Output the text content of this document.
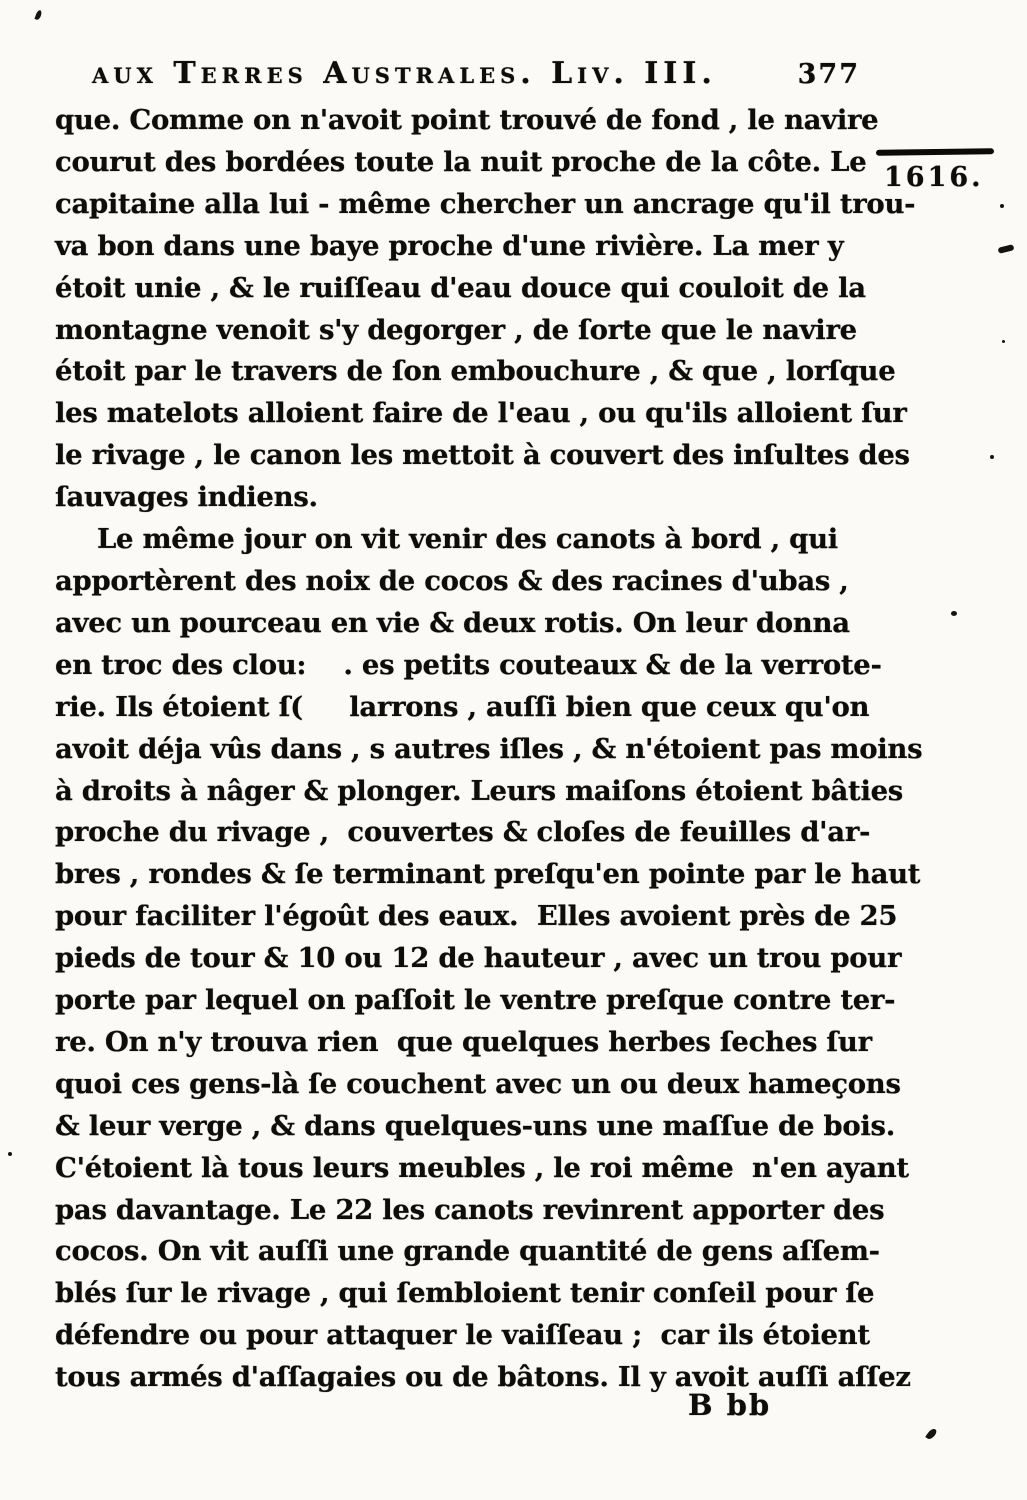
aux Terres Australes. Liv. III.	377
1616.
que. Comme on n'avoit point trouvé de fond , le navire
courut des bordées toute la nuit proche de la côte. Le
capitaine alla lui - même chercher un ancrage qu'il trou-
va bon dans une baye proche d'une rivière. La mer y
étoit unie , & le ruiſſeau d'eau douce qui couloit de la
montagne venoit s'y degorger , de ſorte que le navire
étoit par le travers de ſon embouchure , & que , lorſque
les matelots alloient faire de l'eau , ou qu'ils alloient ſur
le rivage , le canon les mettoit à couvert des inſultes des
ſauvages indiens.
Le même jour on vit venir des canots à bord , qui
apportèrent des noix de cocos & des racines d'ubas ,
avec un pourceau en vie & deux rotis. On leur donna
en troc des clou:    . es petits couteaux & de la verrote-
rie. Ils étoient ſ(     larrons , auſſi bien que ceux qu'on
avoit déja vûs dans , s autres iſles , & n'étoient pas moins
à droits à nâger & plonger. Leurs maiſons étoient bâties
proche du rivage ,  couvertes & cloſes de feuilles d'ar-
bres , rondes & ſe terminant preſqu'en pointe par le haut
pour faciliter l'égoût des eaux.  Elles avoient près de 25
pieds de tour & 10 ou 12 de hauteur , avec un trou pour
porte par lequel on paſſoit le ventre preſque contre ter-
re. On n'y trouva rien  que quelques herbes ſeches ſur
quoi ces gens-là ſe couchent avec un ou deux hameçons
& leur verge , & dans quelques-uns une maſſue de bois.
C'étoient là tous leurs meubles , le roi même  n'en ayant
pas davantage. Le 22 les canots revinrent apporter des
cocos. On vit auſſi une grande quantité de gens aſſem-
blés ſur le rivage , qui ſembloient tenir conſeil pour ſe
défendre ou pour attaquer le vaiſſeau ;  car ils étoient
tous armés d'aſſagaies ou de bâtons. Il y avoit auſſi aſſez
B bb
